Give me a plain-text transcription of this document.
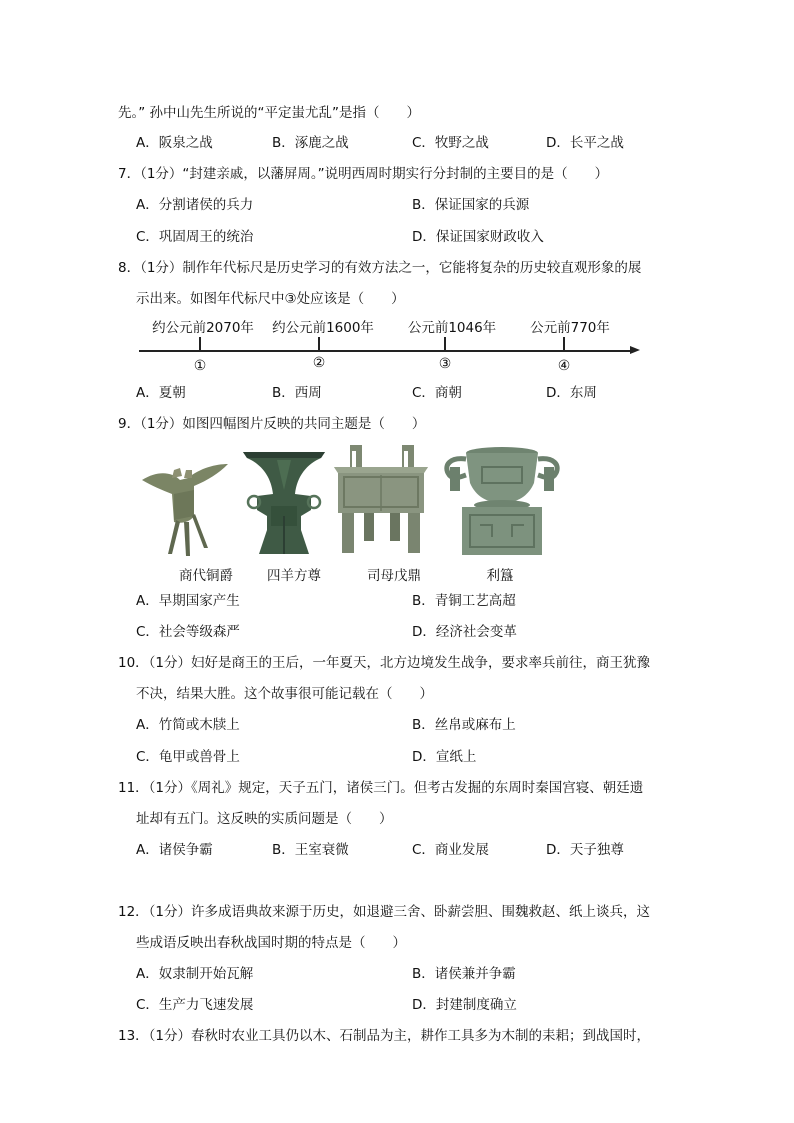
先。” 孙中山先生所说的“平定蚩尤乱”是指（　　）
A．阪泉之战	B．涿鹿之战	C．牧野之战	D．长平之战
7．（1分）“封建亲戚，以藩屏周。”说明西周时期实行分封制的主要目的是（　　）
A．分割诸侯的兵力	B．保证国家的兵源
C．巩固周王的统治	D．保证国家财政收入
8．（1分）制作年代标尺是历史学习的有效方法之一，它能将复杂的历史较直观形象的展
示出来。如图年代标尺中③处应该是（　　）
约公元前2070年 约公元前1600年	公元前1046年	公元前770年
①	②	③	④
A．夏朝	B．西周	C．商朝	D．东周
9．（1分）如图四幅图片反映的共同主题是（　　）
商代铜爵	四羊方尊	司母戊鼎	利簋
A．早期国家产生	B．青铜工艺高超
C．社会等级森严	D．经济社会变革
10．（1分）妇好是商王的王后，一年夏天，北方边境发生战争，要求率兵前往，商王犹豫
不决，结果大胜。这个故事很可能记载在（　　）
A．竹简或木牍上	B．丝帛或麻布上
C．龟甲或兽骨上	D．宣纸上
11．（1分）《周礼》规定，天子五门，诸侯三门。但考古发掘的东周时秦国宫寝、朝廷遗
址却有五门。这反映的实质问题是（　　）
A．诸侯争霸	B．王室衰微	C．商业发展	D．天子独尊
12．（1分）许多成语典故来源于历史，如退避三舍、卧薪尝胆、围魏救赵、纸上谈兵，这
些成语反映出春秋战国时期的特点是（　　）
A．奴隶制开始瓦解	B．诸侯兼并争霸
C．生产力飞速发展	D．封建制度确立
13．（1分）春秋时农业工具仍以木、石制品为主，耕作工具多为木制的耒耜；到战国时，
